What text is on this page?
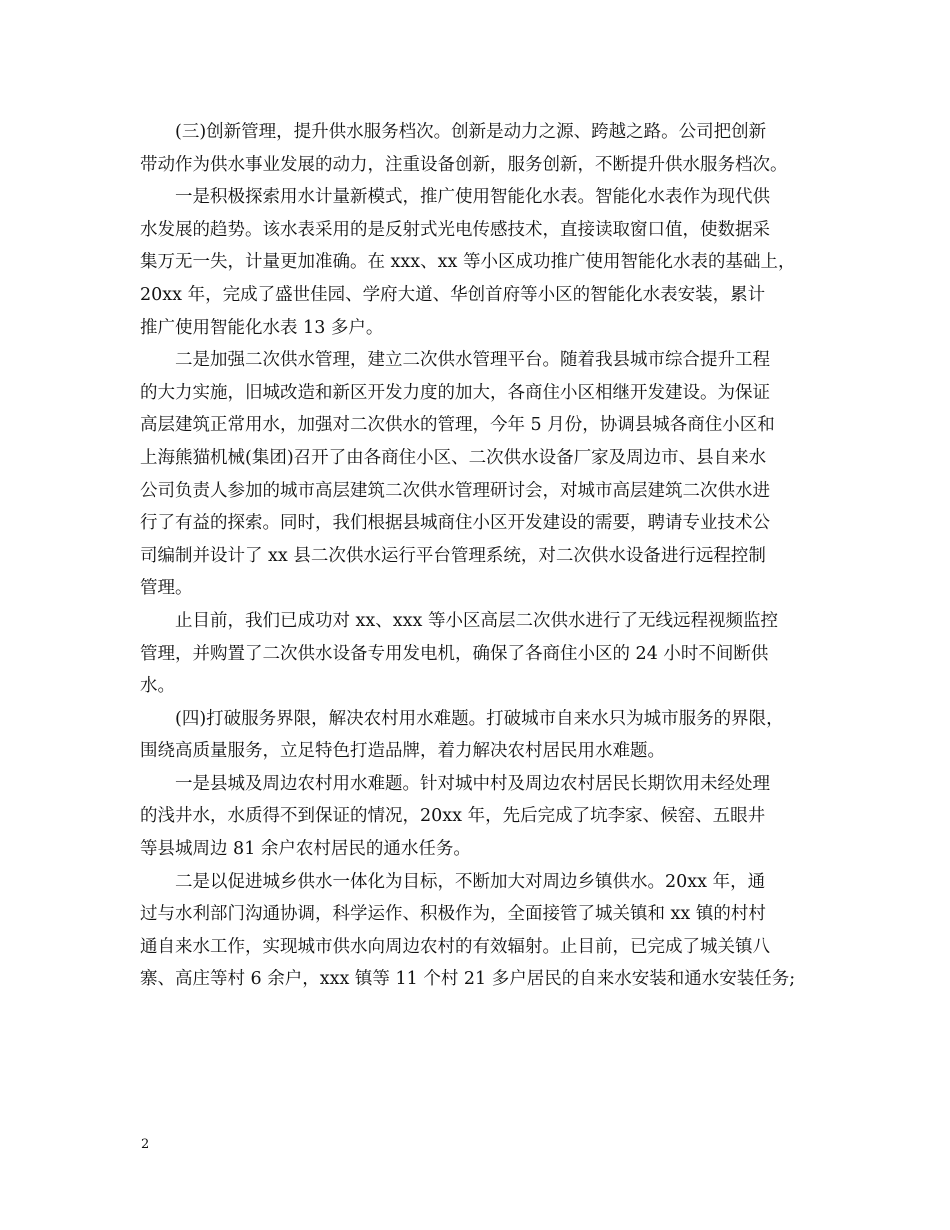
(三)创新管理，提升供水服务档次。创新是动力之源、跨越之路。公司把创新
带动作为供水事业发展的动力，注重设备创新，服务创新，不断提升供水服务档次。
一是积极探索用水计量新模式，推广使用智能化水表。智能化水表作为现代供
水发展的趋势。该水表采用的是反射式光电传感技术，直接读取窗口值，使数据采
集万无一失，计量更加准确。在 xxx、xx 等小区成功推广使用智能化水表的基础上，
20xx 年，完成了盛世佳园、学府大道、华创首府等小区的智能化水表安装，累计
推广使用智能化水表 13 多户。
二是加强二次供水管理，建立二次供水管理平台。随着我县城市综合提升工程
的大力实施，旧城改造和新区开发力度的加大，各商住小区相继开发建设。为保证
高层建筑正常用水，加强对二次供水的管理，今年 5 月份，协调县城各商住小区和
上海熊猫机械(集团)召开了由各商住小区、二次供水设备厂家及周边市、县自来水
公司负责人参加的城市高层建筑二次供水管理研讨会，对城市高层建筑二次供水进
行了有益的探索。同时，我们根据县城商住小区开发建设的需要，聘请专业技术公
司编制并设计了 xx 县二次供水运行平台管理系统，对二次供水设备进行远程控制
管理。
止目前，我们已成功对 xx、xxx 等小区高层二次供水进行了无线远程视频监控
管理，并购置了二次供水设备专用发电机，确保了各商住小区的 24 小时不间断供
水。
(四)打破服务界限，解决农村用水难题。打破城市自来水只为城市服务的界限，
围绕高质量服务，立足特色打造品牌，着力解决农村居民用水难题。
一是县城及周边农村用水难题。针对城中村及周边农村居民长期饮用未经处理
的浅井水，水质得不到保证的情况，20xx 年，先后完成了坑李家、候窑、五眼井
等县城周边 81 余户农村居民的通水任务。
二是以促进城乡供水一体化为目标，不断加大对周边乡镇供水。20xx 年，通
过与水利部门沟通协调，科学运作、积极作为，全面接管了城关镇和 xx 镇的村村
通自来水工作，实现城市供水向周边农村的有效辐射。止目前，已完成了城关镇八
寨、高庄等村 6 余户，xxx 镇等 11 个村 21 多户居民的自来水安装和通水安装任务;
2
